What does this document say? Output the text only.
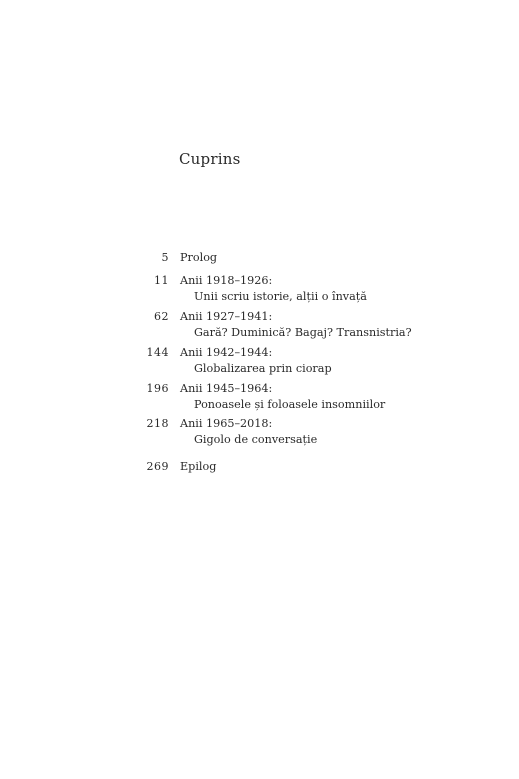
Cuprins
5 Prolog
11 Anii 1918–1926:
Unii scriu istorie, alții o învață
62 Anii 1927–1941:
Gară? Duminică? Bagaj? Transnistria?
144 Anii 1942–1944:
Globalizarea prin ciorap
196 Anii 1945–1964:
Ponoasele și foloasele insomniilor
218 Anii 1965–2018:
Gigolo de conversație
269 Epilog
